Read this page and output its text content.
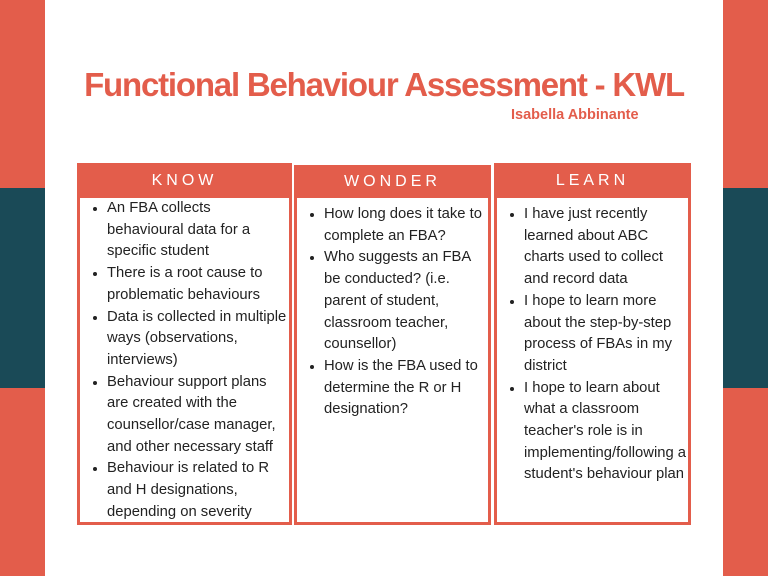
Functional Behaviour Assessment - KWL
Isabella Abbinante
KNOW
• An FBA collects behavioural data for a specific student
• There is a root cause to problematic behaviours
• Data is collected in multiple ways (observations, interviews)
• Behaviour support plans are created with the counsellor/case manager, and other necessary staff
• Behaviour is related to R and H designations, depending on severity
WONDER
• How long does it take to complete an FBA?
• Who suggests an FBA be conducted? (i.e. parent of student, classroom teacher, counsellor)
• How is the FBA used to determine the R or H designation?
LEARN
• I have just recently learned about ABC charts used to collect and record data
• I hope to learn more about the step-by-step process of FBAs in my district
• I hope to learn about what a classroom teacher's role is in implementing/following a student's behaviour plan
